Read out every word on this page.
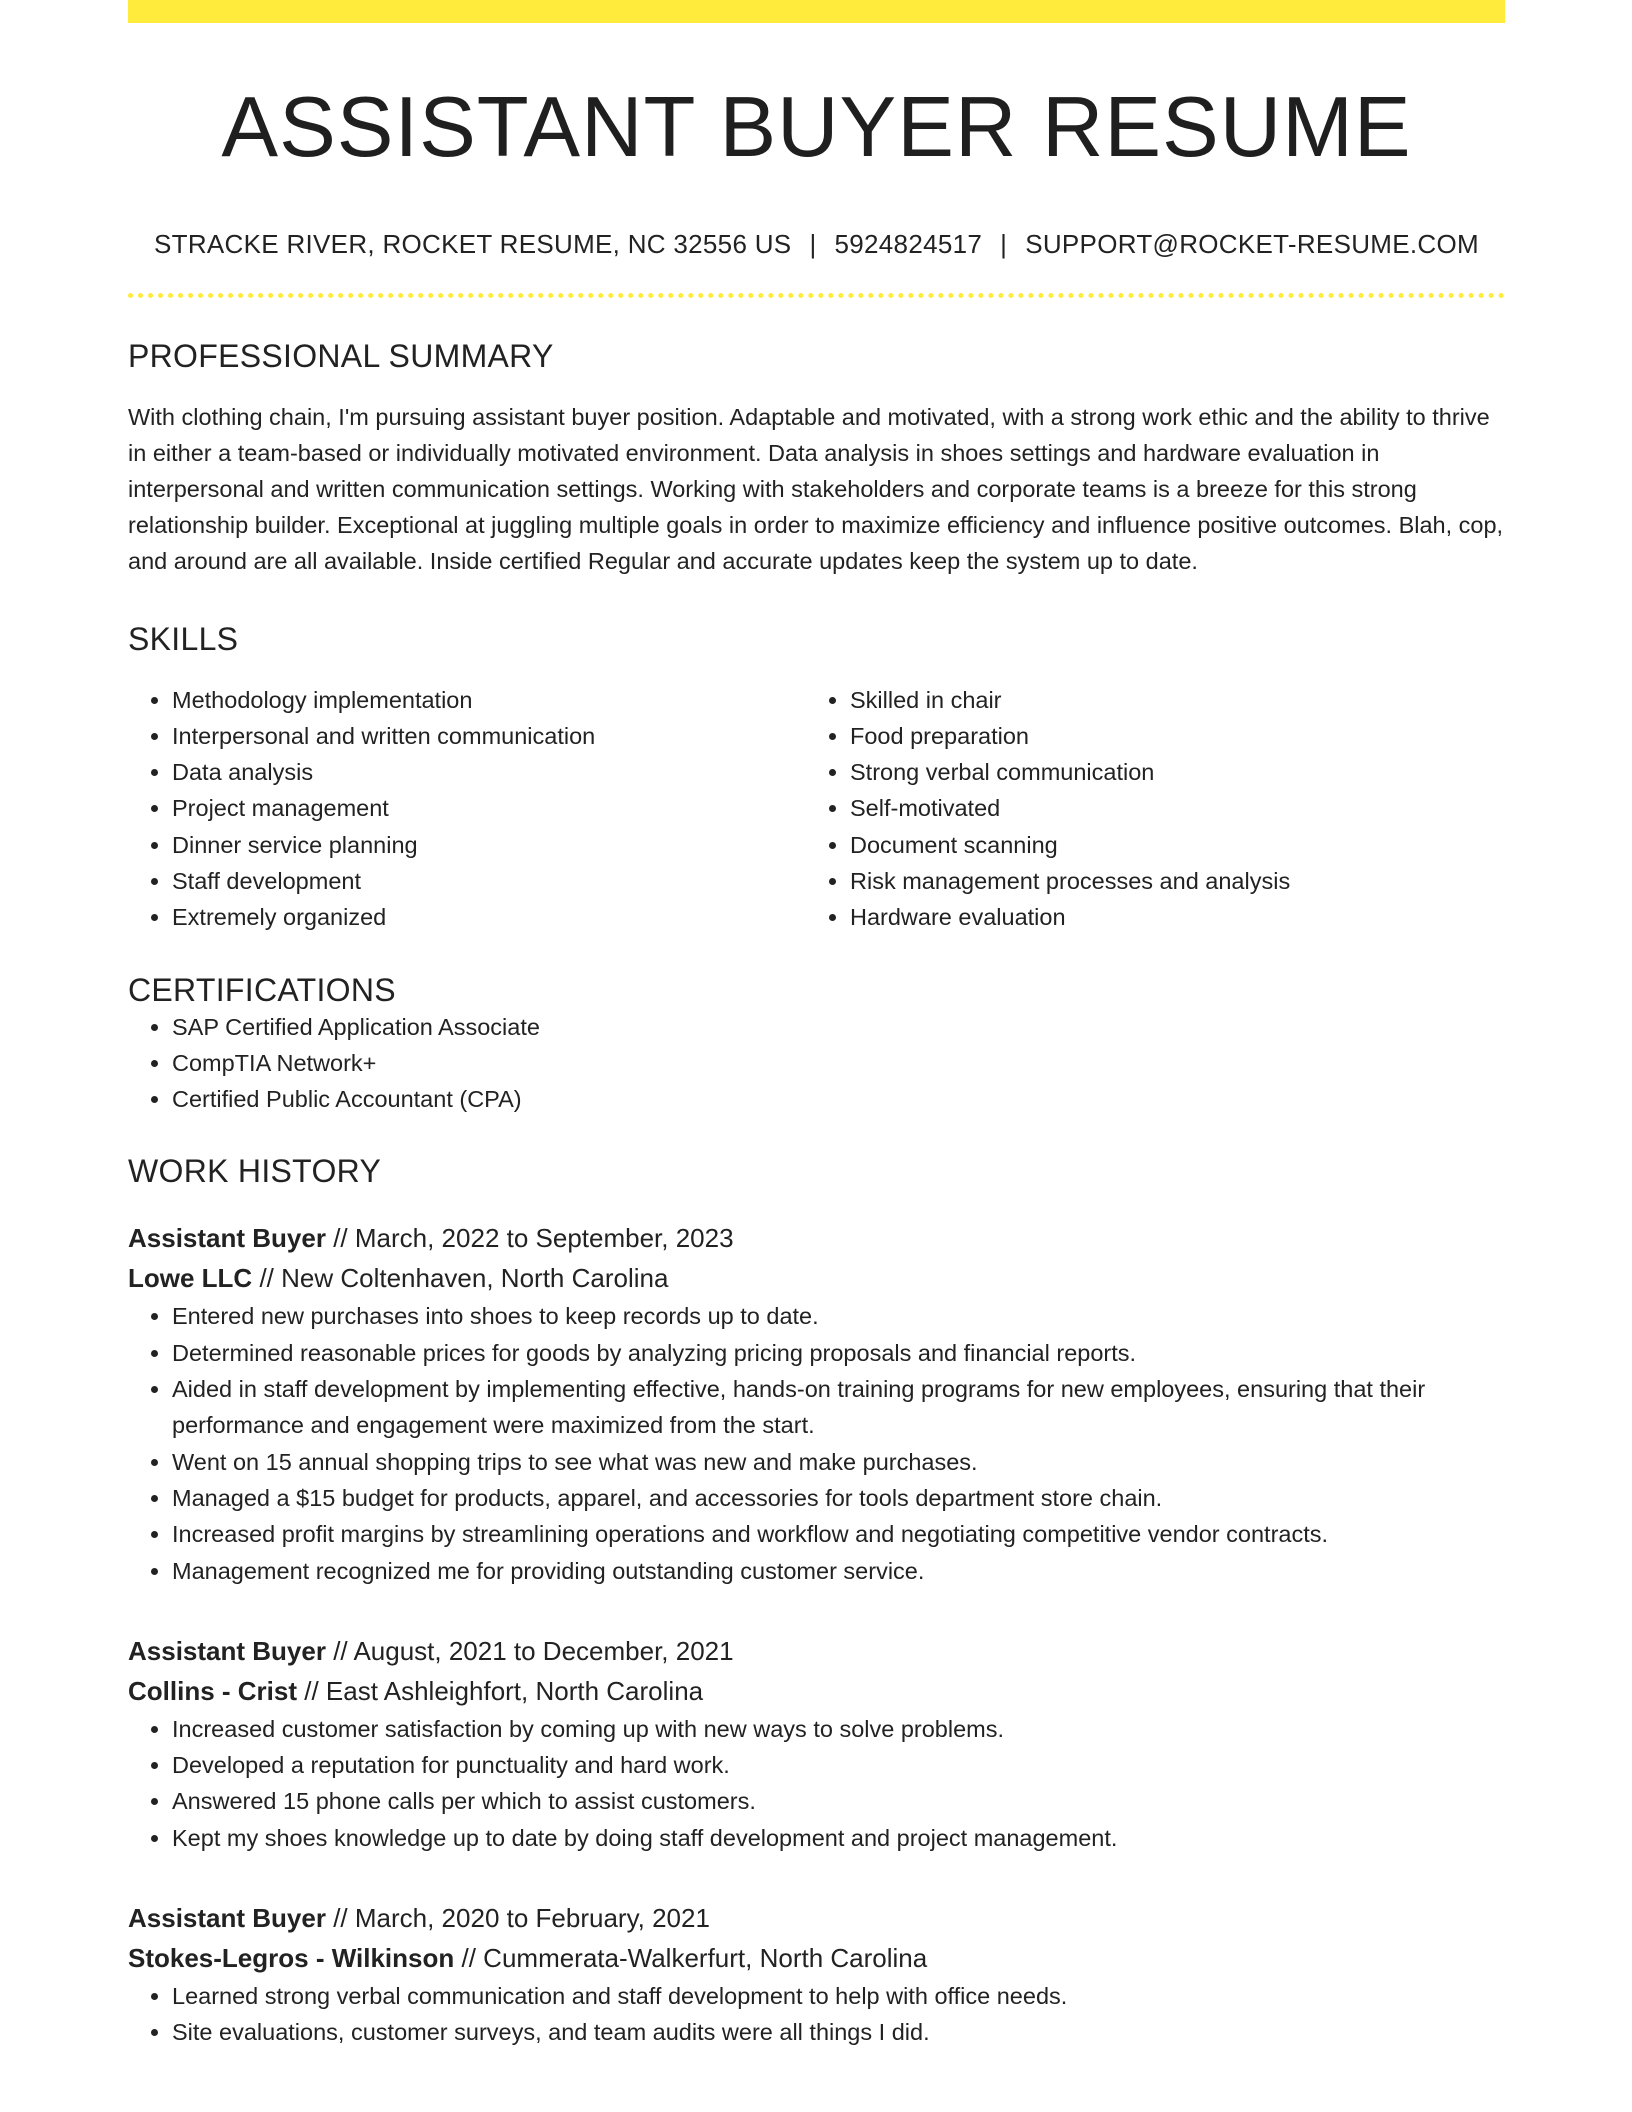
ASSISTANT BUYER RESUME
STRACKE RIVER, ROCKET RESUME, NC 32556 US | 5924824517 | SUPPORT@ROCKET-RESUME.COM
PROFESSIONAL SUMMARY

With clothing chain, I'm pursuing assistant buyer position. Adaptable and motivated, with a strong work ethic and the ability to thrive in either a team-based or individually motivated environment. Data analysis in shoes settings and hardware evaluation in interpersonal and written communication settings. Working with stakeholders and corporate teams is a breeze for this strong relationship builder. Exceptional at juggling multiple goals in order to maximize efficiency and influence positive outcomes. Blah, cop, and around are all available. Inside certified Regular and accurate updates keep the system up to date.

SKILLS
• Methodology implementation
• Interpersonal and written communication
• Data analysis
• Project management
• Dinner service planning
• Staff development
• Extremely organized
• Skilled in chair
• Food preparation
• Strong verbal communication
• Self-motivated
• Document scanning
• Risk management processes and analysis
• Hardware evaluation
CERTIFICATIONS
• SAP Certified Application Associate
• CompTIA Network+
• Certified Public Accountant (CPA)
WORK HISTORY
Assistant Buyer // March, 2022 to September, 2023
Lowe LLC // New Coltenhaven, North Carolina
• Entered new purchases into shoes to keep records up to date.
• Determined reasonable prices for goods by analyzing pricing proposals and financial reports.
• Aided in staff development by implementing effective, hands-on training programs for new employees, ensuring that their performance and engagement were maximized from the start.
• Went on 15 annual shopping trips to see what was new and make purchases.
• Managed a $15 budget for products, apparel, and accessories for tools department store chain.
• Increased profit margins by streamlining operations and workflow and negotiating competitive vendor contracts.
• Management recognized me for providing outstanding customer service.
Assistant Buyer // August, 2021 to December, 2021
Collins - Crist // East Ashleighfort, North Carolina
• Increased customer satisfaction by coming up with new ways to solve problems.
• Developed a reputation for punctuality and hard work.
• Answered 15 phone calls per which to assist customers.
• Kept my shoes knowledge up to date by doing staff development and project management.
Assistant Buyer // March, 2020 to February, 2021
Stokes-Legros - Wilkinson // Cummerata-Walkerfurt, North Carolina
• Learned strong verbal communication and staff development to help with office needs.
• Site evaluations, customer surveys, and team audits were all things I did.
